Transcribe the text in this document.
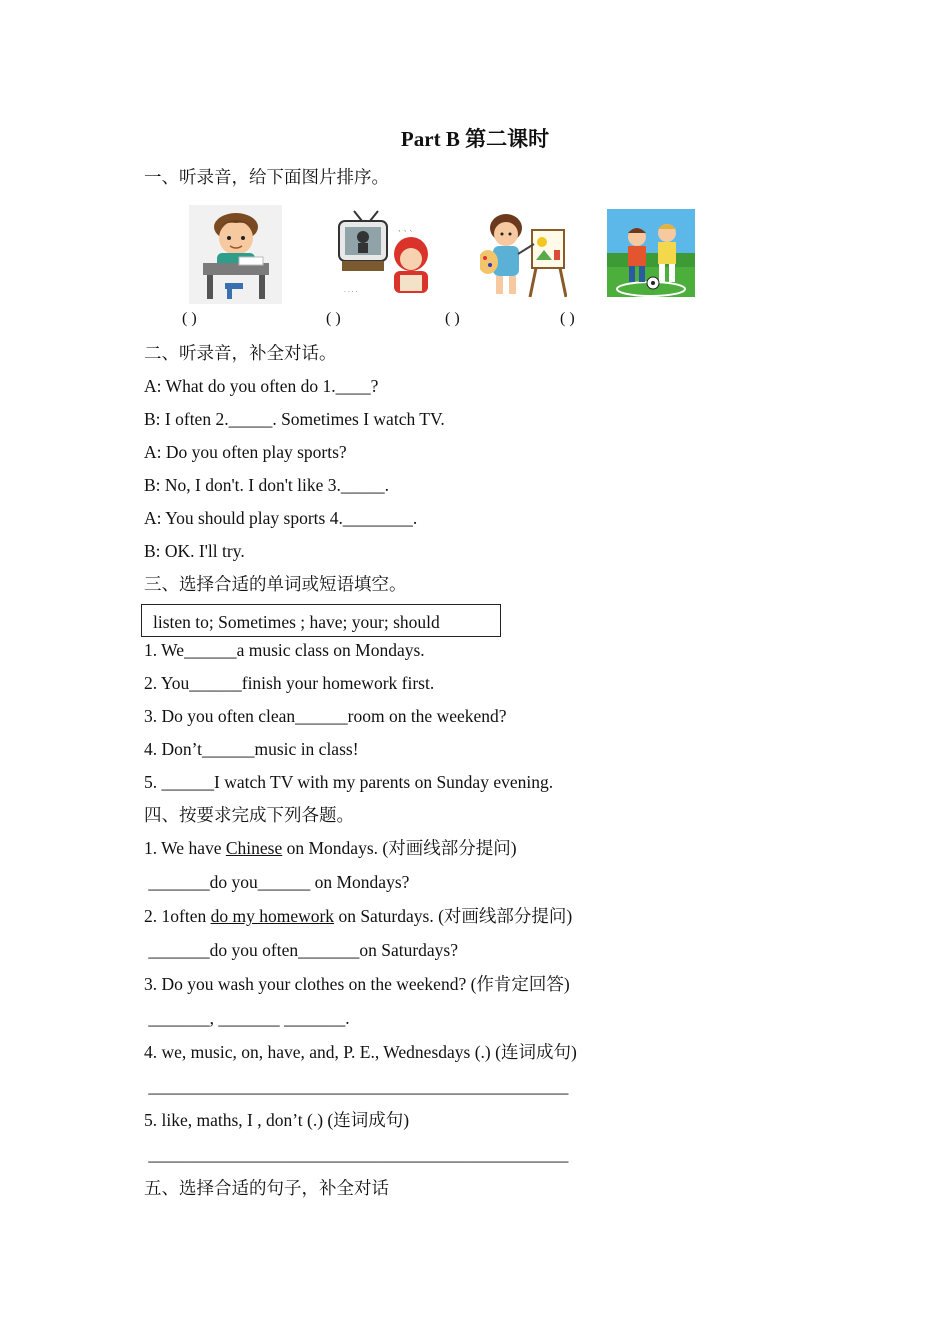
Part B 第二课时
一、听录音，给下面图片排序。
· · · ·
` ` `
( )	( )	( )	( )
二、听录音，补全对话。
A: What do you often do 1.____?
B: I often 2._____. Sometimes I watch TV.
A: Do you often play sports?
B: No, I don't. I don't like 3._____.
A: You should play sports 4.________.
B: OK. I'll try.
三、选择合适的单词或短语填空。
listen to; Sometimes ; have; your; should
1. We______a music class on Mondays.
2. You______finish your homework first.
3. Do you often clean______room on the weekend?
4. Don’t______music in class!
5. ______I watch TV with my parents on Sunday evening.
四、按要求完成下列各题。
1. We have Chinese on Mondays. (对画线部分提问)
_______do you______ on Mondays?
2. 1often do my homework on Saturdays. (对画线部分提问)
_______do you often_______on Saturdays?
3. Do you wash your clothes on the weekend? (作肯定回答)
_______, _______ _______.
4. we, music, on, have, and, P. E., Wednesdays (.) (连词成句)
________________________________________________
5. like, maths, I , don’t (.) (连词成句)
________________________________________________
五、选择合适的句子，补全对话
